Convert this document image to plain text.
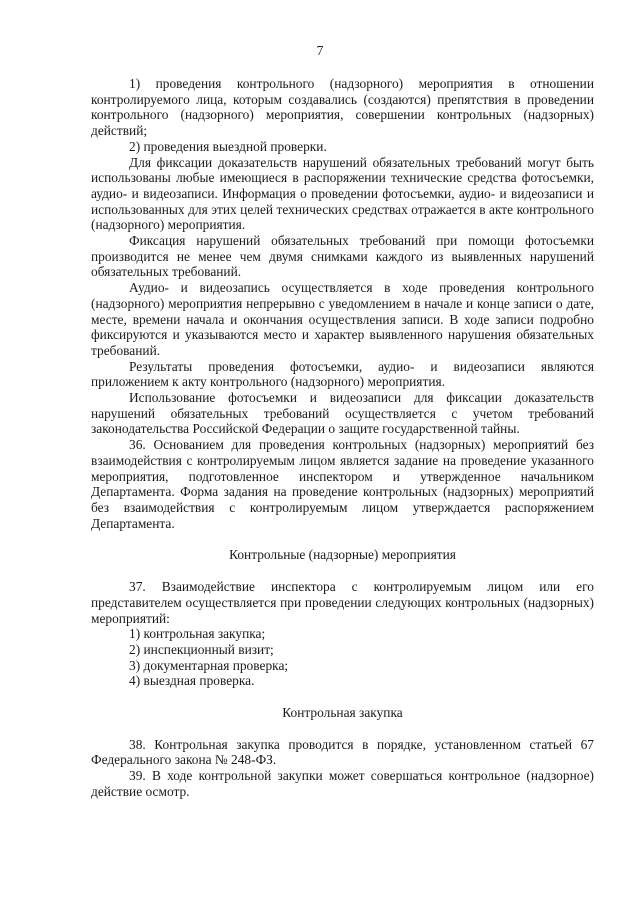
7

1) проведения контрольного (надзорного) мероприятия в отношении контролируемого лица, которым создавались (создаются) препятствия в проведении контрольного (надзорного) мероприятия, совершении контрольных (надзорных) действий;

2) проведения выездной проверки.

Для фиксации доказательств нарушений обязательных требований могут быть использованы любые имеющиеся в распоряжении технические средства фотосъемки, аудио- и видеозаписи. Информация о проведении фотосъемки, аудио- и видеозаписи и использованных для этих целей технических средствах отражается в акте контрольного (надзорного) мероприятия.

Фиксация нарушений обязательных требований при помощи фотосъемки производится не менее чем двумя снимками каждого из выявленных нарушений обязательных требований.

Аудио- и видеозапись осуществляется в ходе проведения контрольного (надзорного) мероприятия непрерывно с уведомлением в начале и конце записи о дате, месте, времени начала и окончания осуществления записи. В ходе записи подробно фиксируются и указываются место и характер выявленного нарушения обязательных требований.

Результаты проведения фотосъемки, аудио- и видеозаписи являются приложением к акту контрольного (надзорного) мероприятия.

Использование фотосъемки и видеозаписи для фиксации доказательств нарушений обязательных требований осуществляется с учетом требований законодательства Российской Федерации о защите государственной тайны.

36. Основанием для проведения контрольных (надзорных) мероприятий без взаимодействия с контролируемым лицом является задание на проведение указанного мероприятия, подготовленное инспектором и утвержденное начальником Департамента. Форма задания на проведение контрольных (надзорных) мероприятий без взаимодействия с контролируемым лицом утверждается распоряжением Департамента.

Контрольные (надзорные) мероприятия

37. Взаимодействие инспектора с контролируемым лицом или его представителем осуществляется при проведении следующих контрольных (надзорных) мероприятий:

1) контрольная закупка;

2) инспекционный визит;

3) документарная проверка;

4) выездная проверка.

Контрольная закупка

38. Контрольная закупка проводится в порядке, установленном статьей 67 Федерального закона № 248-ФЗ.

39. В ходе контрольной закупки может совершаться контрольное (надзорное) действие осмотр.
